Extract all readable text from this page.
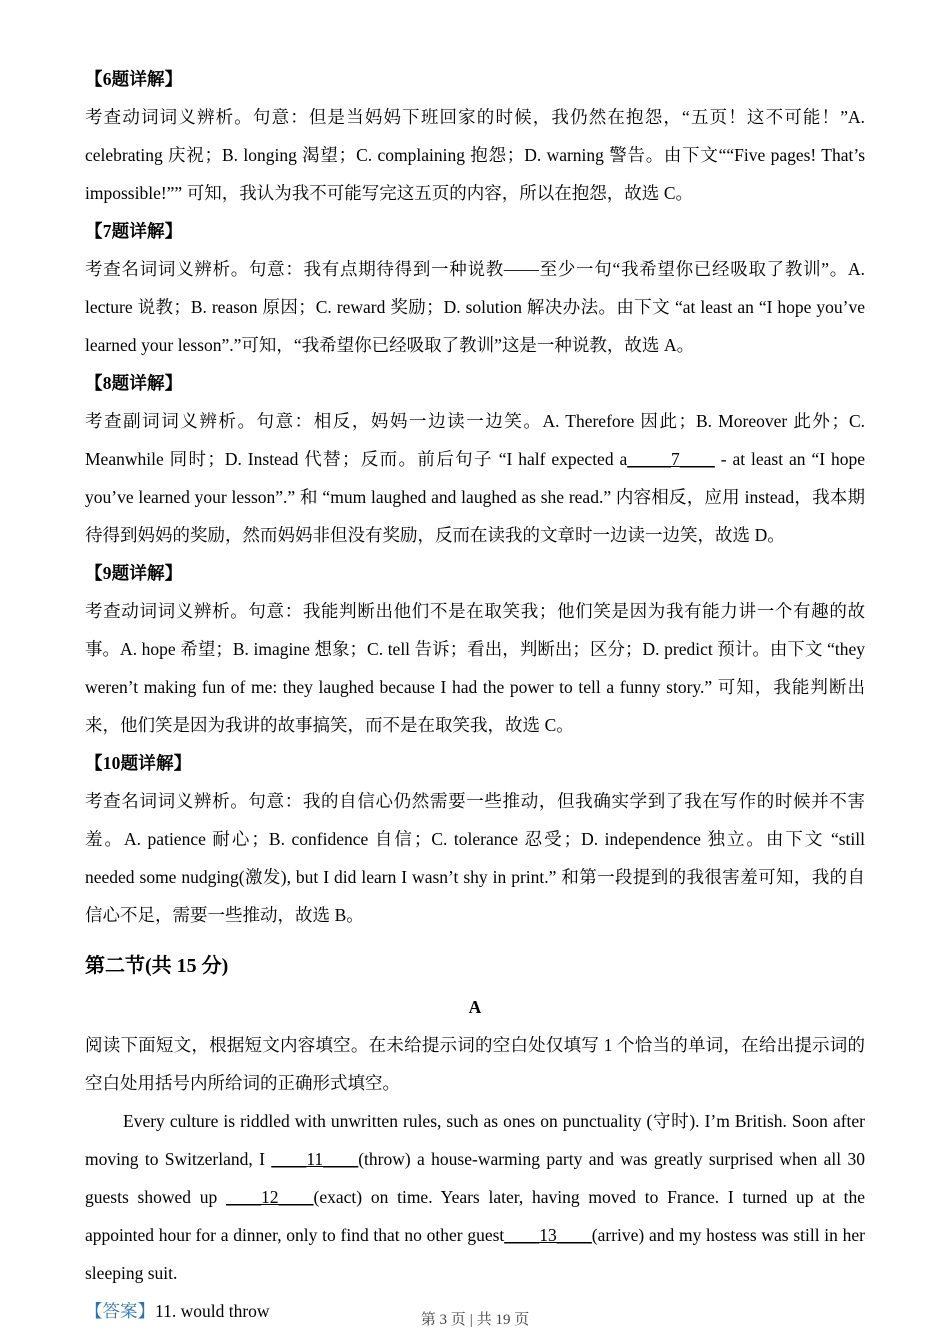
【6题详解】

考查动词词义辨析。句意：但是当妈妈下班回家的时候，我仍然在抱怨，“五页！这不可能！”A. celebrating 庆祝；B. longing 渴望；C. complaining 抱怨；D. warning 警告。由下文““Five pages! That’s impossible!”” 可知，我认为我不可能写完这五页的内容，所以在抱怨，故选 C。

【7题详解】

考查名词词义辨析。句意：我有点期待得到一种说教——至少一句“我希望你已经吸取了教训”。A. lecture 说教；B. reason 原因；C. reward 奖励；D. solution 解决办法。由下文 “at least an “I hope you’ve learned your lesson”.”可知，“我希望你已经吸取了教训”这是一种说教，故选 A。

【8题详解】

考查副词词义辨析。句意：相反，妈妈一边读一边笑。A. Therefore 因此；B. Moreover 此外；C. Meanwhile 同时；D. Instead 代替；反而。前后句子 “I half expected a_____7____ ‑ at least an “I hope you’ve learned your lesson”.” 和 “mum laughed and laughed as she read.” 内容相反，应用 instead，我本期待得到妈妈的奖励，然而妈妈非但没有奖励，反而在读我的文章时一边读一边笑，故选 D。

【9题详解】

考查动词词义辨析。句意：我能判断出他们不是在取笑我；他们笑是因为我有能力讲一个有趣的故事。A. hope 希望；B. imagine 想象；C. tell 告诉；看出，判断出；区分；D. predict 预计。由下文 “they weren’t making fun of me: they laughed because I had the power to tell a funny story.” 可知，我能判断出来，他们笑是因为我讲的故事搞笑，而不是在取笑我，故选 C。

【10题详解】

考查名词词义辨析。句意：我的自信心仍然需要一些推动，但我确实学到了我在写作的时候并不害羞。A. patience 耐心；B. confidence 自信；C. tolerance 忍受；D. independence 独立。由下文 “still needed some nudging(激发), but I did learn I wasn’t shy in print.” 和第一段提到的我很害羞可知，我的自信心不足，需要一些推动，故选 B。

第二节(共 15 分)

A

阅读下面短文，根据短文内容填空。在未给提示词的空白处仅填写 1 个恰当的单词，在给出提示词的空白处用括号内所给词的正确形式填空。

Every culture is riddled with unwritten rules, such as ones on punctuality (守时). I’m British. Soon after moving to Switzerland, I ____11____(throw) a house-warming party and was greatly surprised when all 30 guests showed up ____12____(exact) on time. Years later, having moved to France. I turned up at the appointed hour for a dinner, only to find that no other guest____13____(arrive) and my hostess was still in her sleeping suit.

【答案】11. would throw	第 3 页 | 共 19 页
